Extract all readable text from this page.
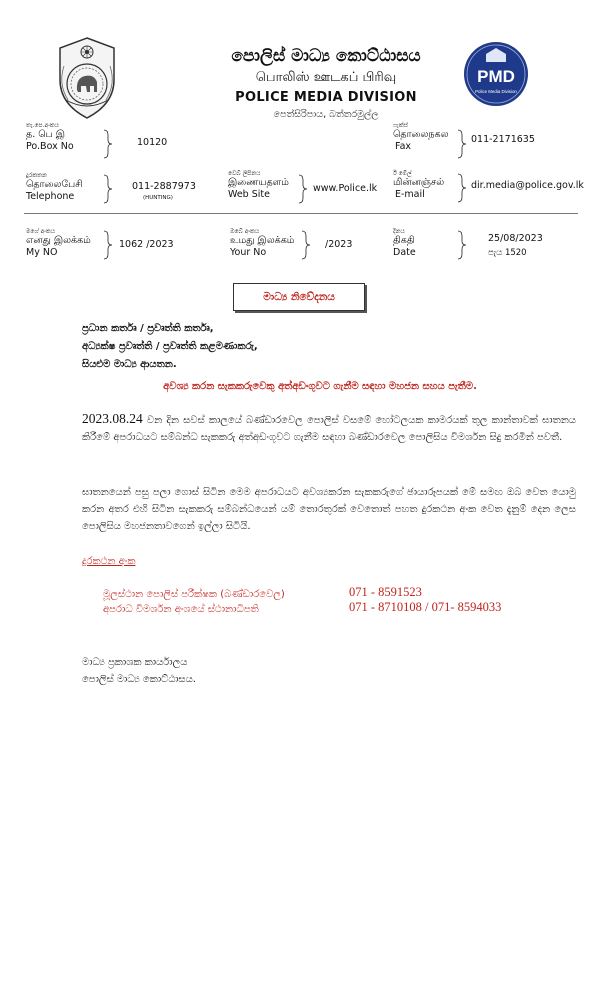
පොලිස් මාධ්‍ය කොට්ඨාසය
பொலிஸ் ஊடகப் பிரிவு
POLICE MEDIA DIVISION
පෙත්සිරිපාය, බත්තරමුල්ල
PMD
Police Media Division
තැ.පෙ.අංකය
த. பெ இ
Po.Box No	10120
ෆැක්ස්
தொலைநகல
Fax
011-2171635
දුරකතන
தொலைபேசி
Telephone
011-2887973
(HUNTING)
වෙබ් ලිපිනය
இணையதளம்
Web Site
www.Police.lk
ඊ මේල්
மின்னஞ்சல்
E-mail
dir.media@police.gov.lk
මගේ අංකය
எனது இலக்கம்
My NO
1062 /2023
ඔබේ අංකය
உமது இலக்கம்
Your No
/2023
දිනය
திகதி
Date
25/08/2023
පැය 1520
මාධ්‍ය නිවේදනය
ප්‍රධාන කර්තෘ / ප්‍රවෘත්ති කර්තෘ,
අධ්‍යක්ෂ ප්‍රවෘත්ති / ප්‍රවෘත්ති කළමණාකරු,
සියළුම මාධ්‍ය ආයතන.
අවශ්‍ය කරන සැකකරුවෙකු අත්අඩංගුවට ගැනීම සඳහා මහජන සහය පැතීම.
2023.08.24 වන දින සවස් කාලයේ බණ්ඩාරවෙල පොලිස් වසමේ හෝටලයක කාමරයක් තුල කාන්තාවක් ඝාතනය කිරීමේ අපරාධයට සම්බන්ධ සැකකරු අත්අඩංගුවට ගැනීම සඳහා බණ්ඩාරවෙල පොලිසිය විමර්ශන සිදු කරමින් පවතී.
ඝාතනයෙන් පසු පලා ගොස් සිටින මෙම අපරාධයට අවශ්‍යකරන සැකකරුගේ ඡායාරූපයක් මේ සමඟ ඔබ වෙත යොමු කරන අතර එහි සිටින සැකකරු සම්බන්ධයෙන් යම් තොරතුරක් වෙතොත් පහත දුරකථන අංක වෙත දැනුම් දෙන ලෙස පොලිසිය මහජනතාවගෙන් ඉල්ලා සිටියි.
දුරකථන අංක
මූලස්ථාන පොලිස් පරීක්ෂක (බණ්ඩාරවෙල)	071 - 8591523
අපරාධ විමර්ශන අංශයේ ස්ථානාධිපති	071 - 8710108 / 071- 8594033
මාධ්‍ය ප්‍රකාශක කාර්යාලය
පොලිස් මාධ්‍ය කොට්ඨාසය.
